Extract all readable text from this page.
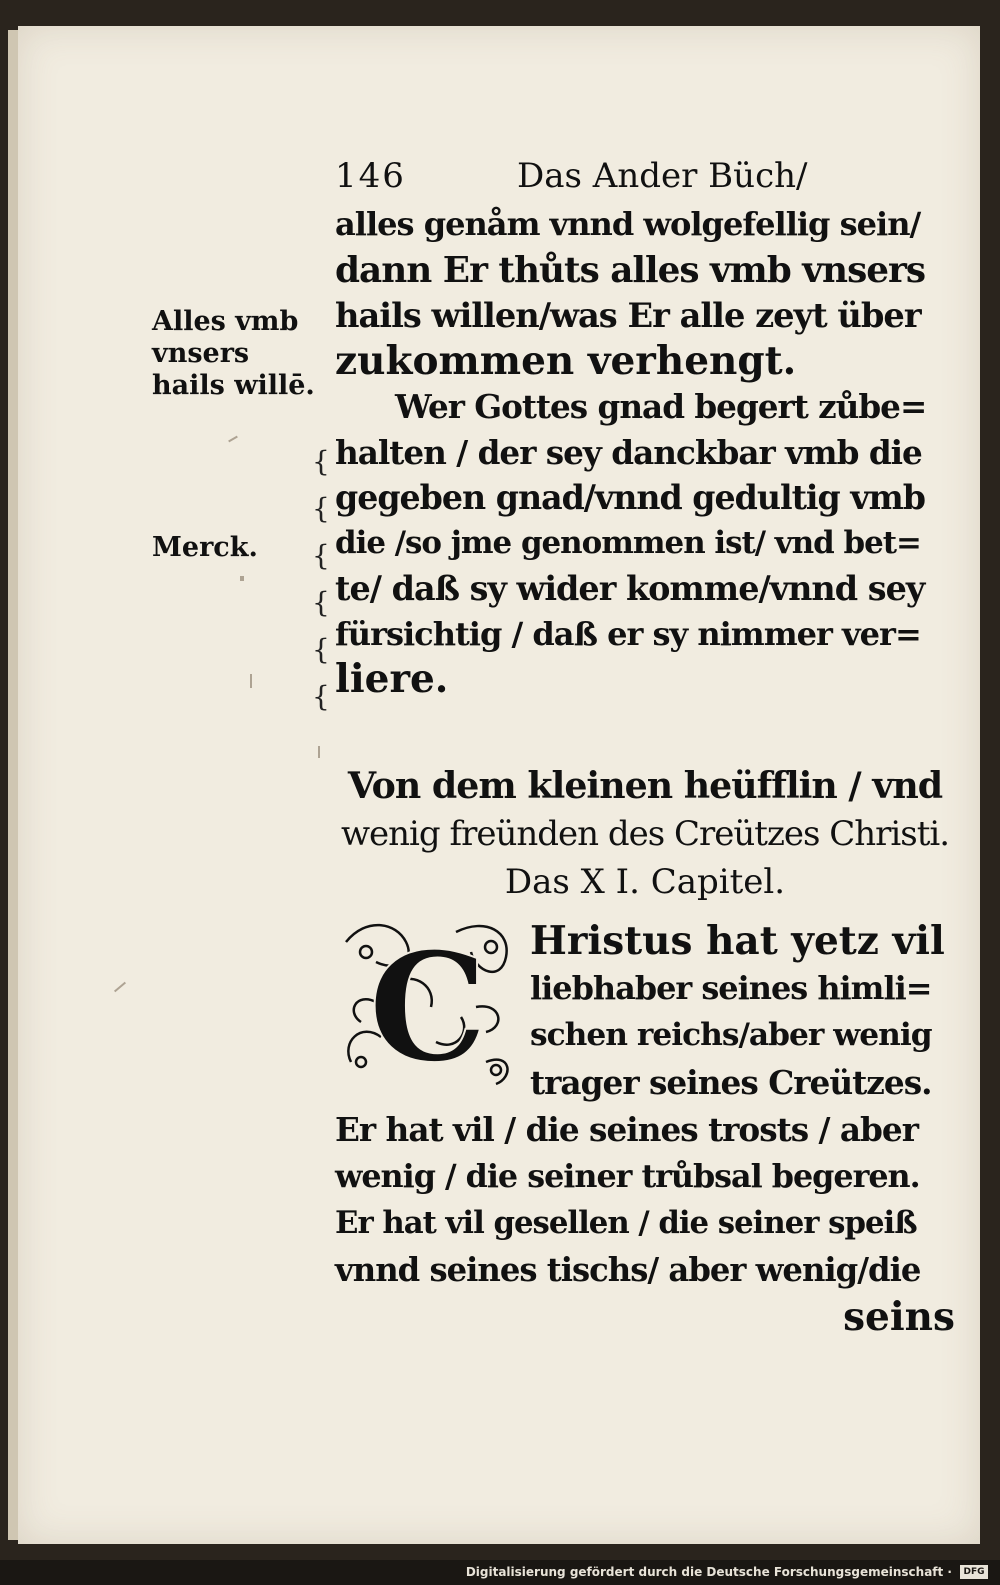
146	Das Ander Büch/
alles genåm vnnd wolgefellig sein/
dann Er thůts alles vmb vnsers
hails willen/was Er alle zeyt über
zukommen verhengt.
Wer Gottes gnad begert zůbe=
halten / der sey danckbar vmb die
gegeben gnad/vnnd gedultig vmb
die /so jme genommen ist/ vnd bet=
te/ daß sy wider komme/vnnd sey
fürsichtig / daß er sy nimmer ver=
liere.
Alles vmb
vnsers
hails willē.
Merck.
{
{
{
{
{
{
Von dem kleinen heüfflin / vnd
wenig freünden des Creützes Christi.
Das X I. Capitel.
C	Hristus hat yetz vil
liebhaber seines himli=
schen reichs/aber wenig
trager seines Creützes.
Er hat vil / die seines trosts / aber
wenig / die seiner trůbsal begeren.
Er hat vil gesellen / die seiner speiß
vnnd seines tischs/ aber wenig/die
seins
Digitalisierung gefördert durch die Deutsche Forschungsgemeinschaft ·	DFG
